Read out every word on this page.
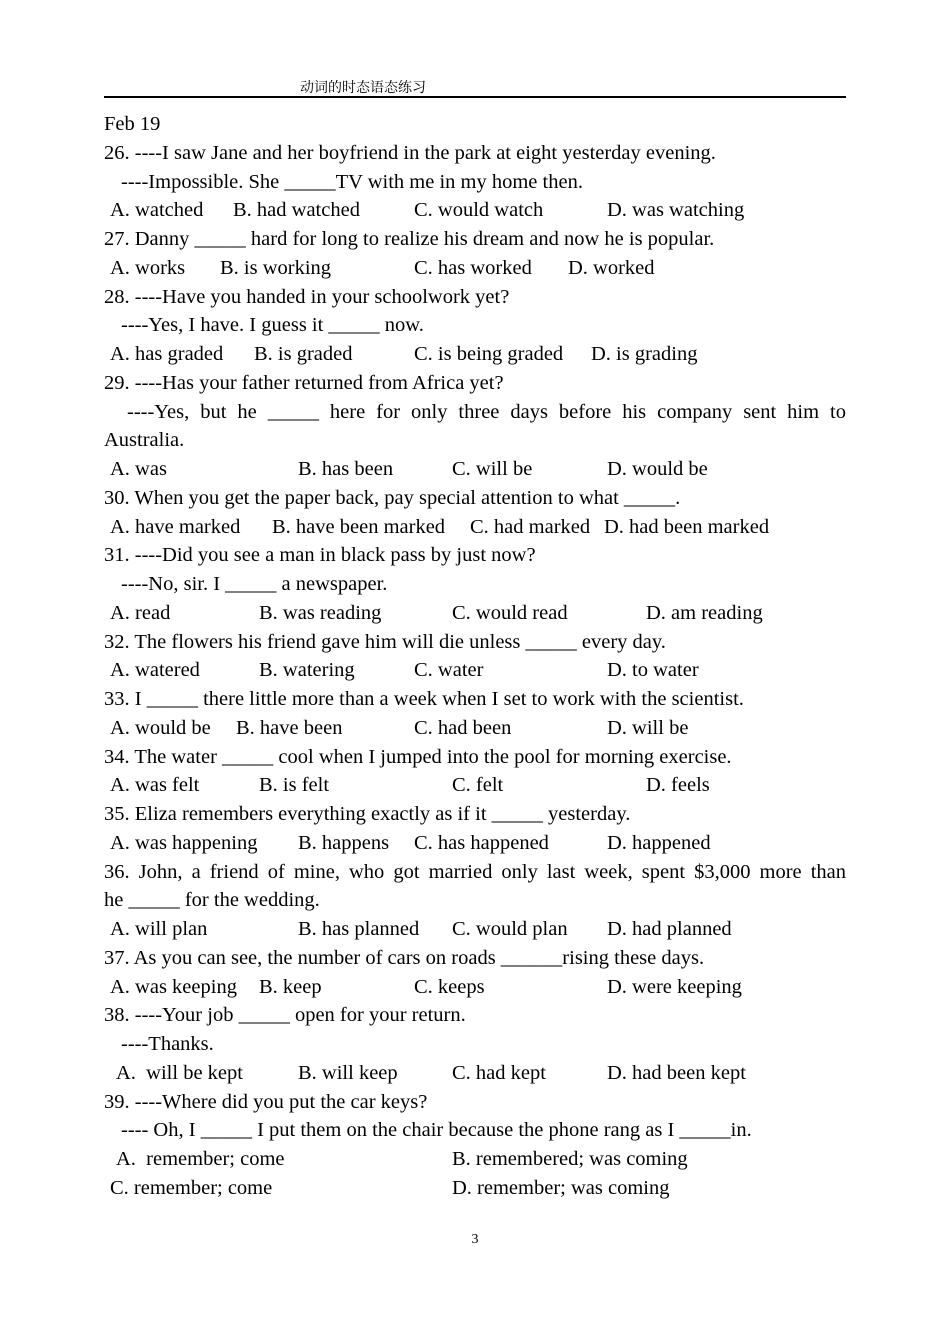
动词的时态语态练习
Feb 19
26. ----I saw Jane and her boyfriend in the park at eight yesterday evening.
----Impossible. She _____TV with me in my home then.
A. watched B. had watched	C. would watch	D. was watching
27. Danny _____ hard for long to realize his dream and now he is popular.
A. works B. is working	C. has worked D. worked
28. ----Have you handed in your schoolwork yet?
----Yes, I have. I guess it _____ now.
A. has graded B. is graded	C. is being graded D. is grading
29. ----Has your father returned from Africa yet?
----Yes, but he _____ here for only three days before his company sent him to
Australia.
A. was	B. has been	C. will be	D. would be
30. When you get the paper back, pay special attention to what _____.
A. have marked B. have been marked C. had marked D. had been marked
31. ----Did you see a man in black pass by just now?
----No, sir. I _____ a newspaper.
A. read	B. was reading	C. would read	D. am reading
32. The flowers his friend gave him will die unless _____ every day.
A. watered	B. watering	C. water	D. to water
33. I _____ there little more than a week when I set to work with the scientist.
A. would be B. have been	C. had been	D. will be
34. The water _____ cool when I jumped into the pool for morning exercise.
A. was felt	B. is felt	C. felt	D. feels
35. Eliza remembers everything exactly as if it _____ yesterday.
A. was happening B. happens C. has happened	D. happened
36. John, a friend of mine, who got married only last week, spent $3,000 more than
he _____ for the wedding.
A. will plan	B. has planned C. would plan D. had planned
37. As you can see, the number of cars on roads ______rising these days.
A. was keeping B. keep	C. keeps	D. were keeping
38. ----Your job _____ open for your return.
----Thanks.
A.  will be kept	B. will keep	C. had kept	D. had been kept
39. ----Where did you put the car keys?
---- Oh, I _____ I put them on the chair because the phone rang as I _____in.
A.  remember; come	B. remembered; was coming
C. remember; come	D. remember; was coming
3
